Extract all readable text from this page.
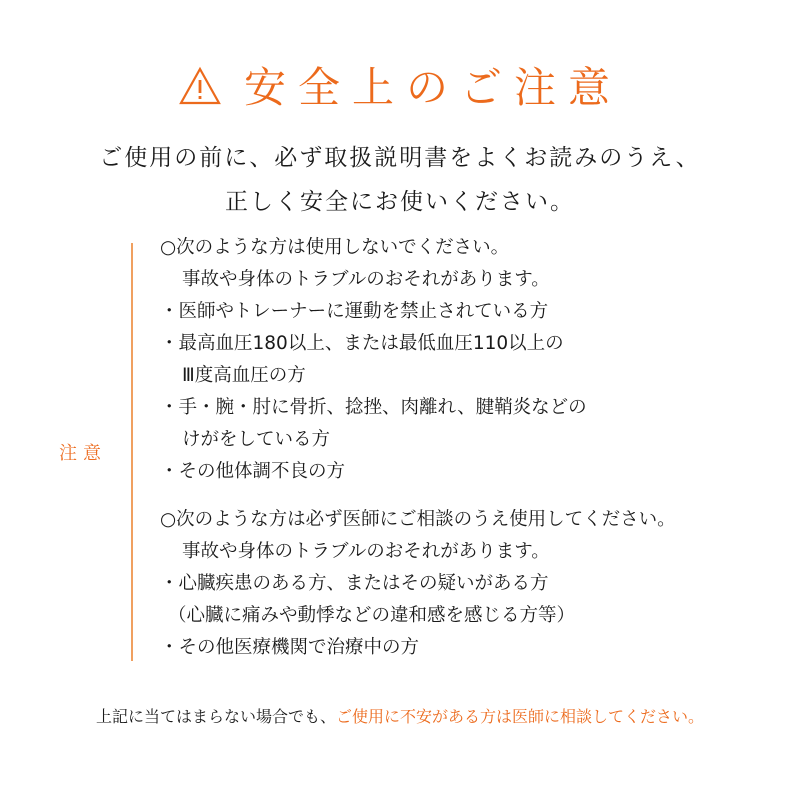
安全上のご注意
ご使用の前に、必ず取扱説明書をよくお読みのうえ、
正しく安全にお使いください。
注意
○次のような方は使用しないでください。
事故や身体のトラブルのおそれがあります。
・医師やトレーナーに運動を禁止されている方
・最高血圧180以上、または最低血圧110以上の
Ⅲ度高血圧の方
・手・腕・肘に骨折、捻挫、肉離れ、腱鞘炎などの
けがをしている方
・その他体調不良の方
○次のような方は必ず医師にご相談のうえ使用してください。
事故や身体のトラブルのおそれがあります。
・心臓疾患のある方、またはその疑いがある方
（心臓に痛みや動悸などの違和感を感じる方等）
・その他医療機関で治療中の方
上記に当てはまらない場合でも、ご使用に不安がある方は医師に相談してください。
